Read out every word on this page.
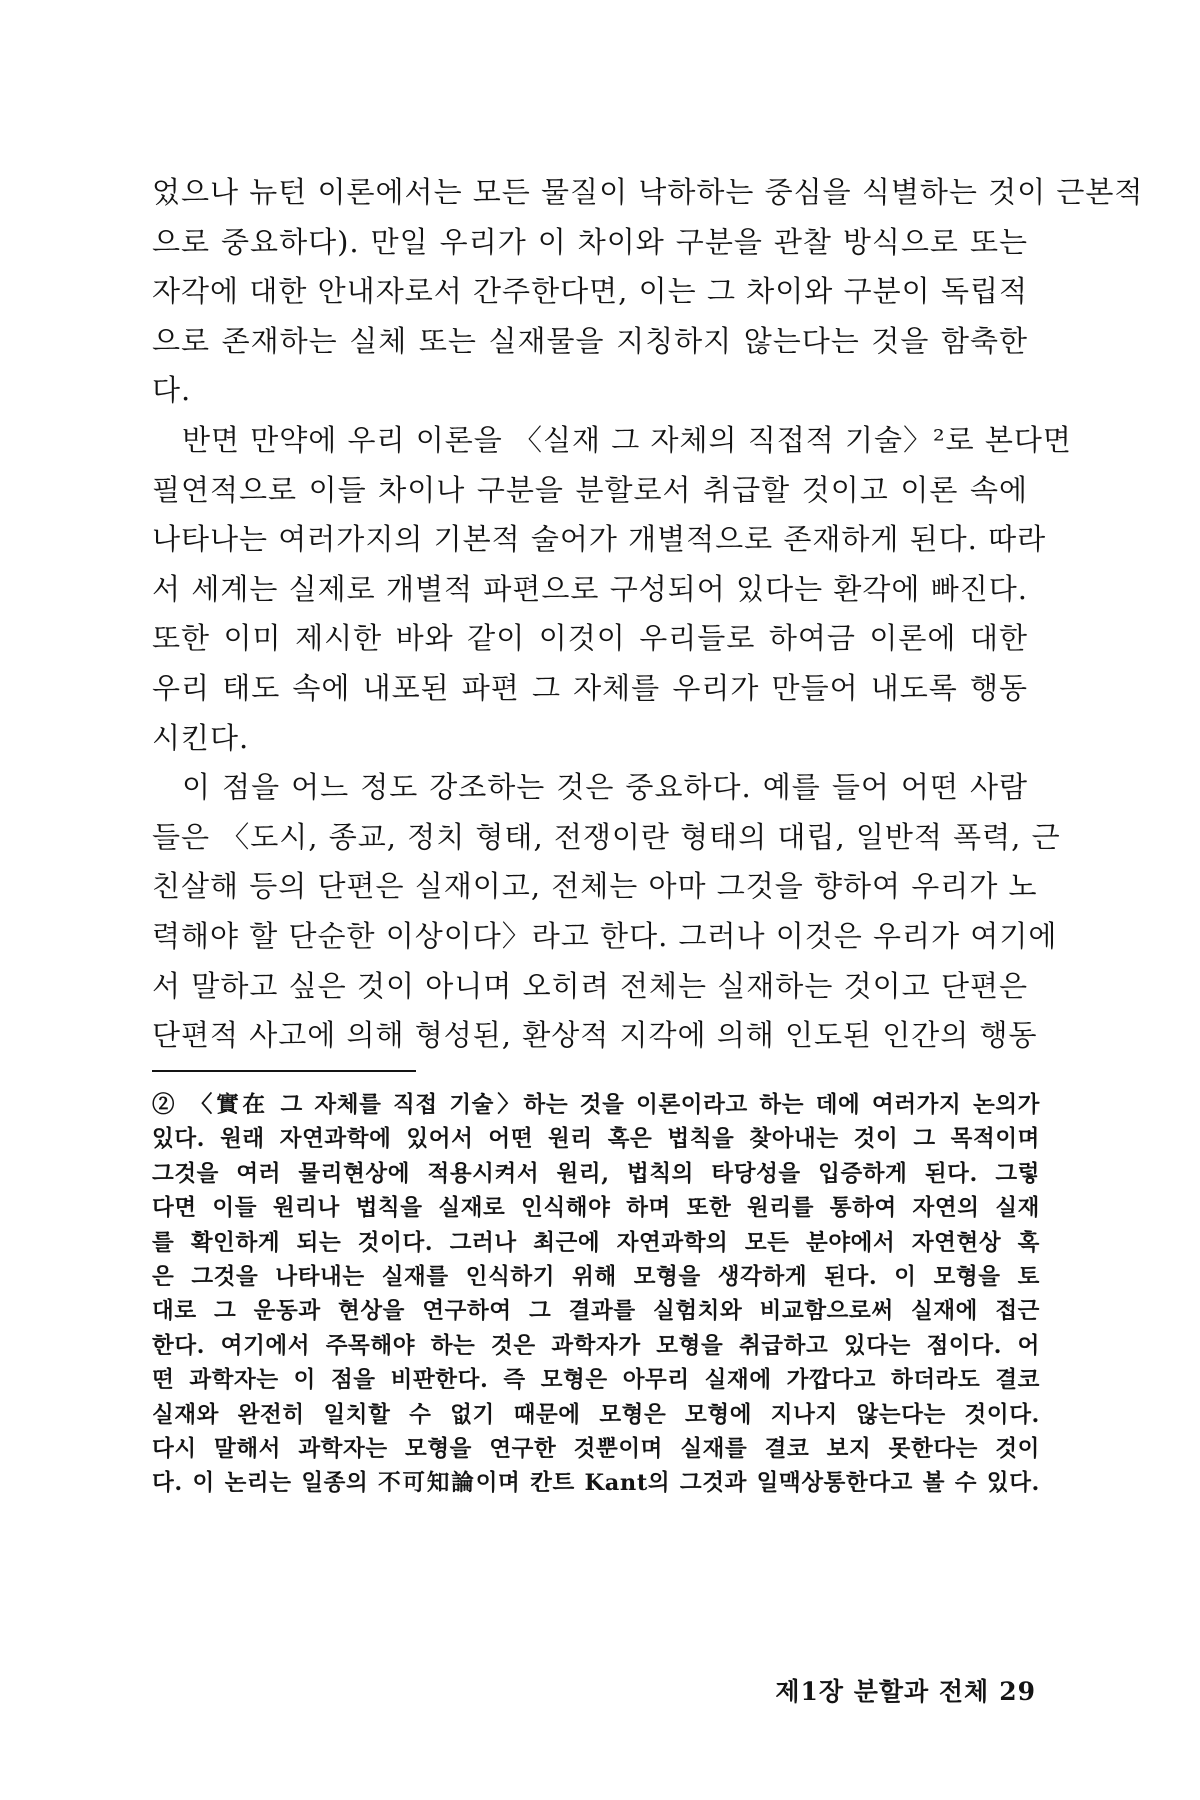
었으나 뉴턴 이론에서는 모든 물질이 낙하하는 중심을 식별하는 것이 근본적
으로 중요하다). 만일 우리가 이 차이와 구분을 관찰 방식으로 또는
자각에 대한 안내자로서 간주한다면, 이는 그 차이와 구분이 독립적
으로 존재하는 실체 또는 실재물을 지칭하지 않는다는 것을 함축한
다.
반면 만약에 우리 이론을 〈실재 그 자체의 직접적 기술〉²로 본다면
필연적으로 이들 차이나 구분을 분할로서 취급할 것이고 이론 속에
나타나는 여러가지의 기본적 술어가 개별적으로 존재하게 된다. 따라
서 세계는 실제로 개별적 파편으로 구성되어 있다는 환각에 빠진다.
또한 이미 제시한 바와 같이 이것이 우리들로 하여금 이론에 대한
우리 태도 속에 내포된 파편 그 자체를 우리가 만들어 내도록 행동
시킨다.
이 점을 어느 정도 강조하는 것은 중요하다. 예를 들어 어떤 사람
들은 〈도시, 종교, 정치 형태, 전쟁이란 형태의 대립, 일반적 폭력, 근
친살해 등의 단편은 실재이고, 전체는 아마 그것을 향하여 우리가 노
력해야 할 단순한 이상이다〉라고 한다. 그러나 이것은 우리가 여기에
서 말하고 싶은 것이 아니며 오히려 전체는 실재하는 것이고 단편은
단편적 사고에 의해 형성된, 환상적 지각에 의해 인도된 인간의 행동
② 〈實在 그 자체를 직접 기술〉하는 것을 이론이라고 하는 데에 여러가지 논의가
있다. 원래 자연과학에 있어서 어떤 원리 혹은 법칙을 찾아내는 것이 그 목적이며
그것을 여러 물리현상에 적용시켜서 원리, 법칙의 타당성을 입증하게 된다. 그렇
다면 이들 원리나 법칙을 실재로 인식해야 하며 또한 원리를 통하여 자연의 실재
를 확인하게 되는 것이다. 그러나 최근에 자연과학의 모든 분야에서 자연현상 혹
은 그것을 나타내는 실재를 인식하기 위해 모형을 생각하게 된다. 이 모형을 토
대로 그 운동과 현상을 연구하여 그 결과를 실험치와 비교함으로써 실재에 접근
한다. 여기에서 주목해야 하는 것은 과학자가 모형을 취급하고 있다는 점이다. 어
떤 과학자는 이 점을 비판한다. 즉 모형은 아무리 실재에 가깝다고 하더라도 결코
실재와 완전히 일치할 수 없기 때문에 모형은 모형에 지나지 않는다는 것이다.
다시 말해서 과학자는 모형을 연구한 것뿐이며 실재를 결코 보지 못한다는 것이
다. 이 논리는 일종의 不可知論이며 칸트 Kant의 그것과 일맥상통한다고 볼 수 있다.
제1장 분할과 전체 29
